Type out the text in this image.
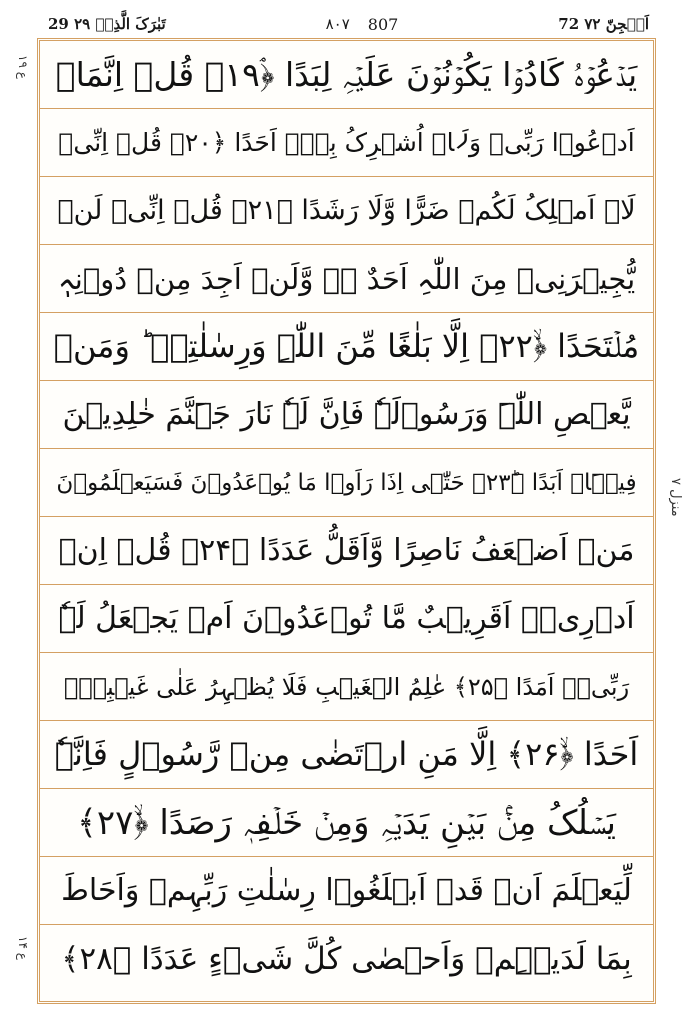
29 تَبٰرَکَ الَّذِیۡ ۲۹	۸۰۷ 807	72 اَلۡجِنّ ۷۲
ع ۱۹
منزل ۷
ع ۱۴
یَدۡعُوۡہُ کَادُوۡا یَکُوۡنُوۡنَ عَلَیۡہِ لِبَدًا ﴿ۘ۱۹﴾ قُلۡ اِنَّمَاۤ
اَدۡعُوۡا رَبِّیۡ وَلَاۤ اُشۡرِکُ بِہٖۤ اَحَدًا ﴿۲۰﴾ قُلۡ اِنِّیۡ
لَاۤ اَمۡلِکُ لَکُمۡ ضَرًّا وَّلَا رَشَدًا ﴿۲۱﴾ قُلۡ اِنِّیۡ لَنۡ
یُّجِیۡرَنِیۡ مِنَ اللّٰہِ اَحَدٌ ۬ۙ وَّلَنۡ اَجِدَ مِنۡ دُوۡنِہٖ
مُلۡتَحَدًا ﴿ۙ۲۲﴾ اِلَّا بَلٰغًا مِّنَ اللّٰہِ وَرِسٰلٰتِہٖ ؕ وَمَنۡ
یَّعۡصِ اللّٰہَ وَرَسُوۡلَہٗ فَاِنَّ لَہٗ نَارَ جَہَنَّمَ خٰلِدِیۡنَ
فِیۡہَاۤ اَبَدًا ﴿ؕ۲۳﴾ حَتّٰۤی اِذَا رَاَوۡا مَا یُوۡعَدُوۡنَ فَسَیَعۡلَمُوۡنَ
مَنۡ اَضۡعَفُ نَاصِرًا وَّاَقَلُّ عَدَدًا ﴿۲۴﴾ قُلۡ اِنۡ
اَدۡرِیۡۤ اَقَرِیۡبٌ مَّا تُوۡعَدُوۡنَ اَمۡ یَجۡعَلُ لَہٗ
رَبِّیۡۤ اَمَدًا ﴿۲۵﴾ عٰلِمُ الۡغَیۡبِ فَلَا یُظۡہِرُ عَلٰی غَیۡبِہٖۤ
اَحَدًا ﴿ۙ۲۶﴾ اِلَّا مَنِ ارۡتَضٰی مِنۡ رَّسُوۡلٍ فَاِنَّہٗ
یَسۡلُکُ مِنۡۢ بَیۡنِ یَدَیۡہِ وَمِنۡ خَلۡفِہٖ رَصَدًا ﴿ۙ۲۷﴾
لِّیَعۡلَمَ اَنۡ قَدۡ اَبۡلَغُوۡا رِسٰلٰتِ رَبِّہِمۡ وَاَحَاطَ
بِمَا لَدَیۡہِمۡ وَاَحۡصٰی کُلَّ شَیۡءٍ عَدَدًا ﴿۲۸﴾
